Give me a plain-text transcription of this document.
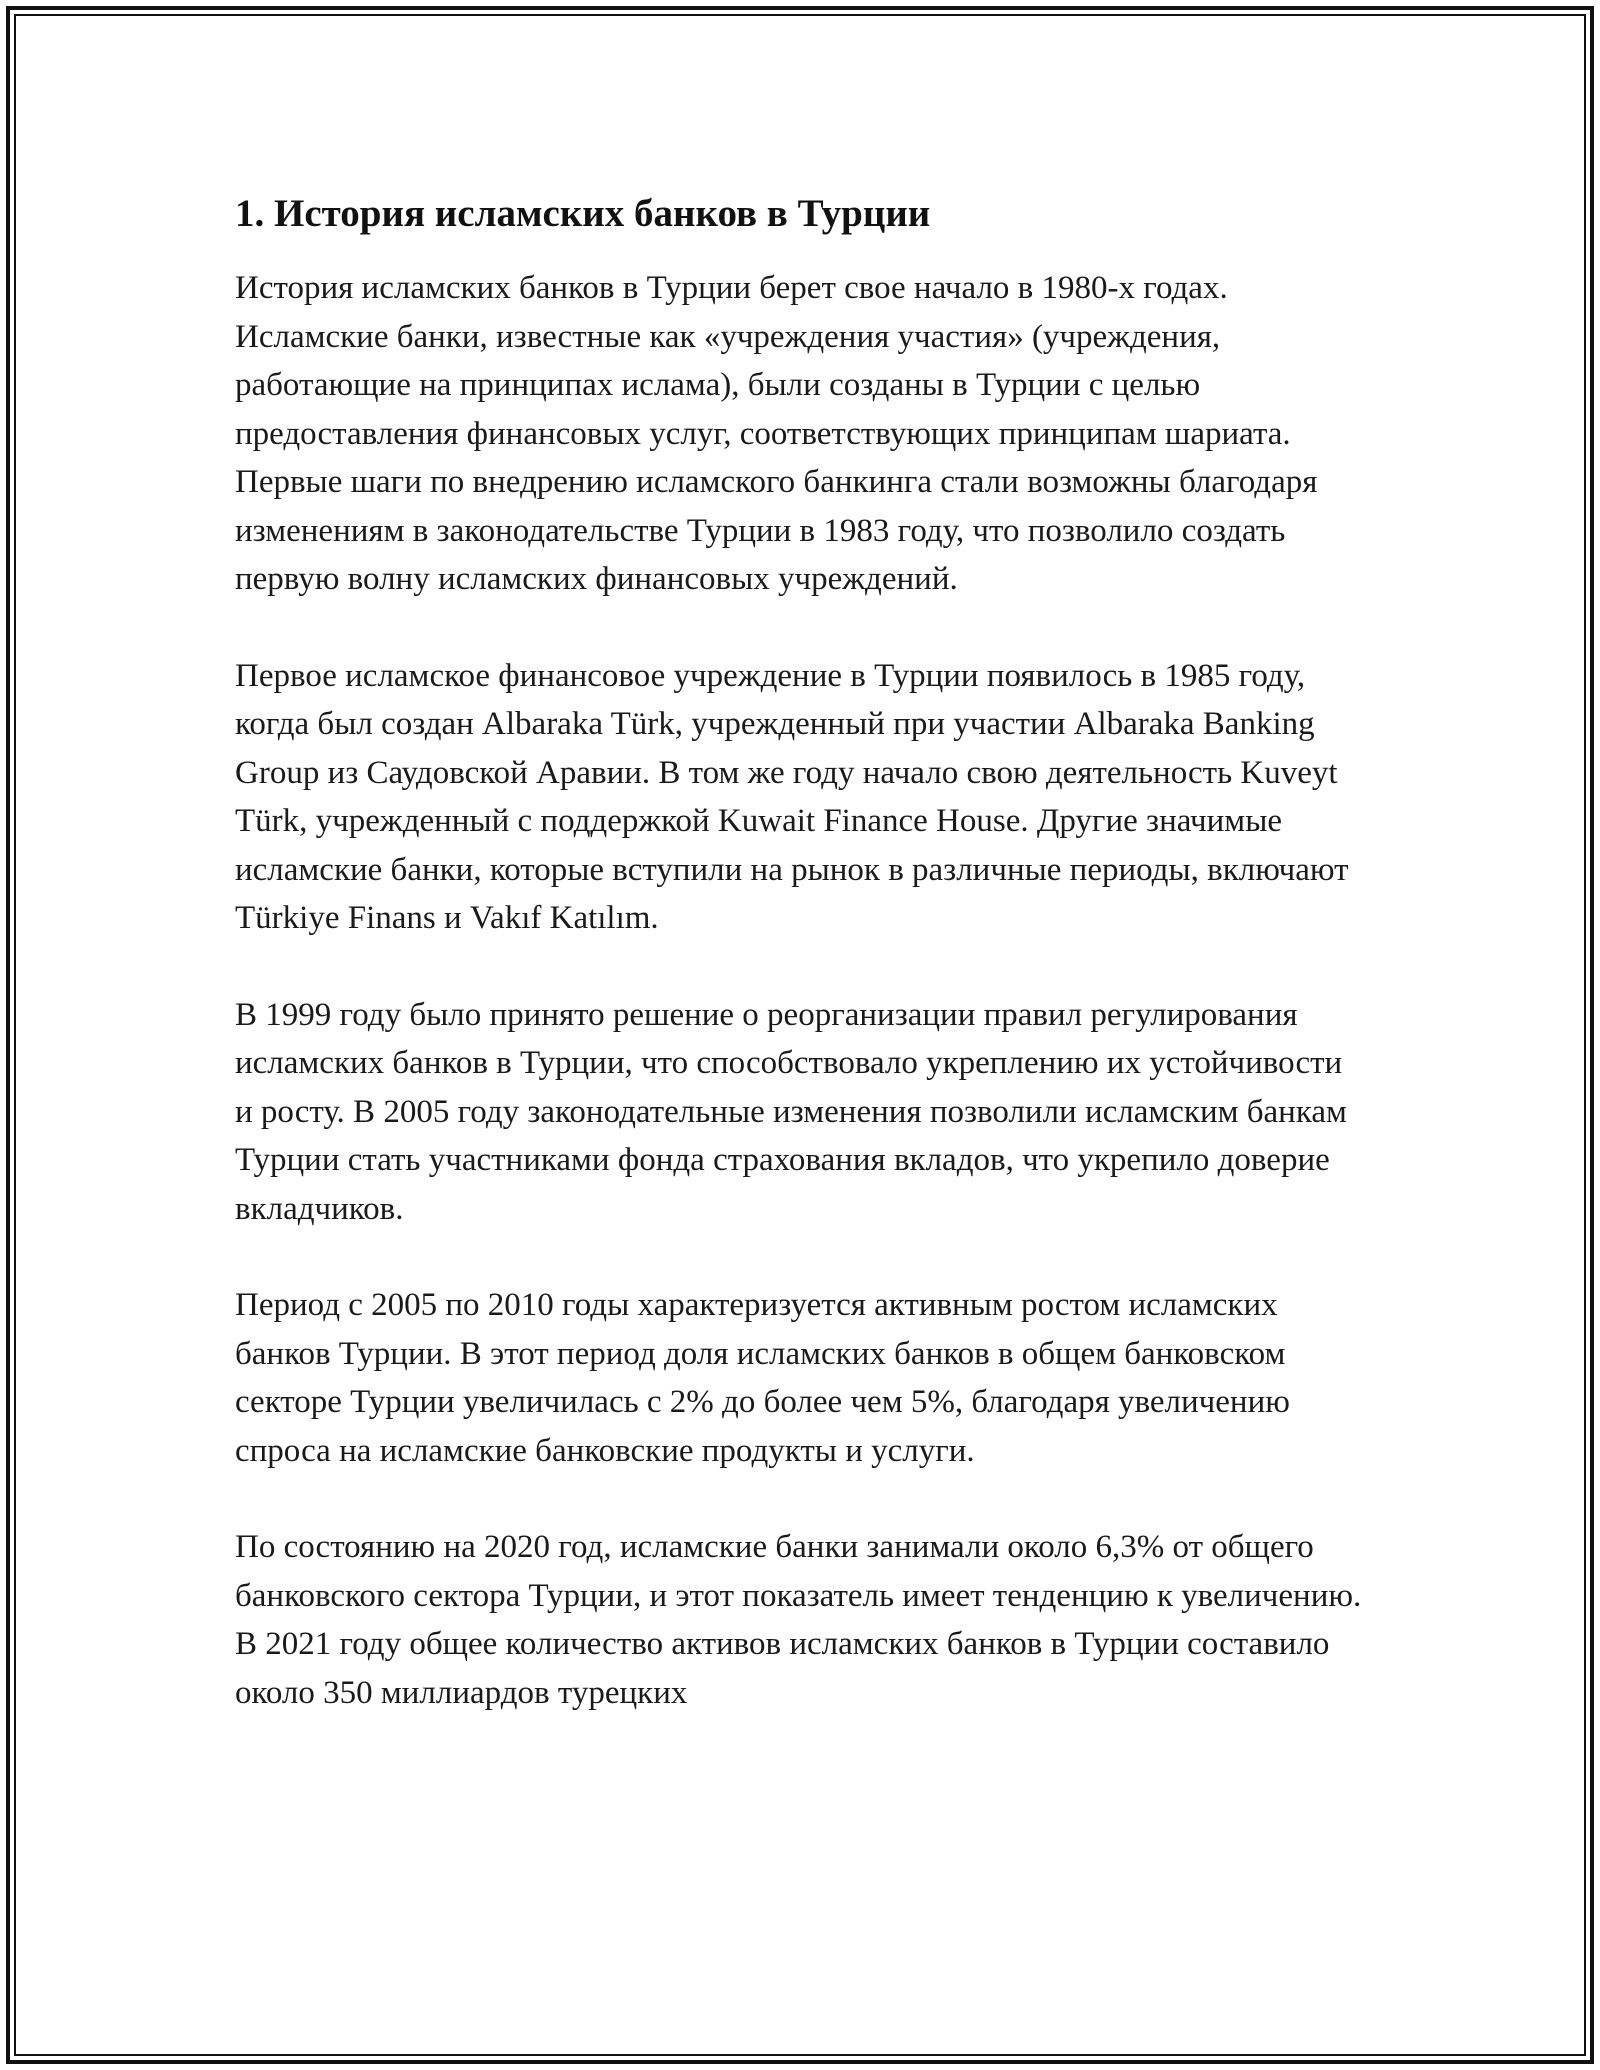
1. История исламских банков в Турции

История исламских банков в Турции берет свое начало в 1980-х годах. Исламские банки, известные как «учреждения участия» (учреждения, работающие на принципах ислама), были созданы в Турции с целью предоставления финансовых услуг, соответствующих принципам шариата. Первые шаги по внедрению исламского банкинга стали возможны благодаря изменениям в законодательстве Турции в 1983 году, что позволило создать первую волну исламских финансовых учреждений.

Первое исламское финансовое учреждение в Турции появилось в 1985 году, когда был создан Albaraka Türk, учрежденный при участии Albaraka Banking Group из Саудовской Аравии. В том же году начало свою деятельность Kuveyt Türk, учрежденный с поддержкой Kuwait Finance House. Другие значимые исламские банки, которые вступили на рынок в различные периоды, включают Türkiye Finans и Vakıf Katılım.

В 1999 году было принято решение о реорганизации правил регулирования исламских банков в Турции, что способствовало укреплению их устойчивости и росту. В 2005 году законодательные изменения позволили исламским банкам Турции стать участниками фонда страхования вкладов, что укрепило доверие вкладчиков.

Период с 2005 по 2010 годы характеризуется активным ростом исламских банков Турции. В этот период доля исламских банков в общем банковском секторе Турции увеличилась с 2% до более чем 5%, благодаря увеличению спроса на исламские банковские продукты и услуги.

По состоянию на 2020 год, исламские банки занимали около 6,3% от общего банковского сектора Турции, и этот показатель имеет тенденцию к увеличению. В 2021 году общее количество активов исламских банков в Турции составило около 350 миллиардов турецких
